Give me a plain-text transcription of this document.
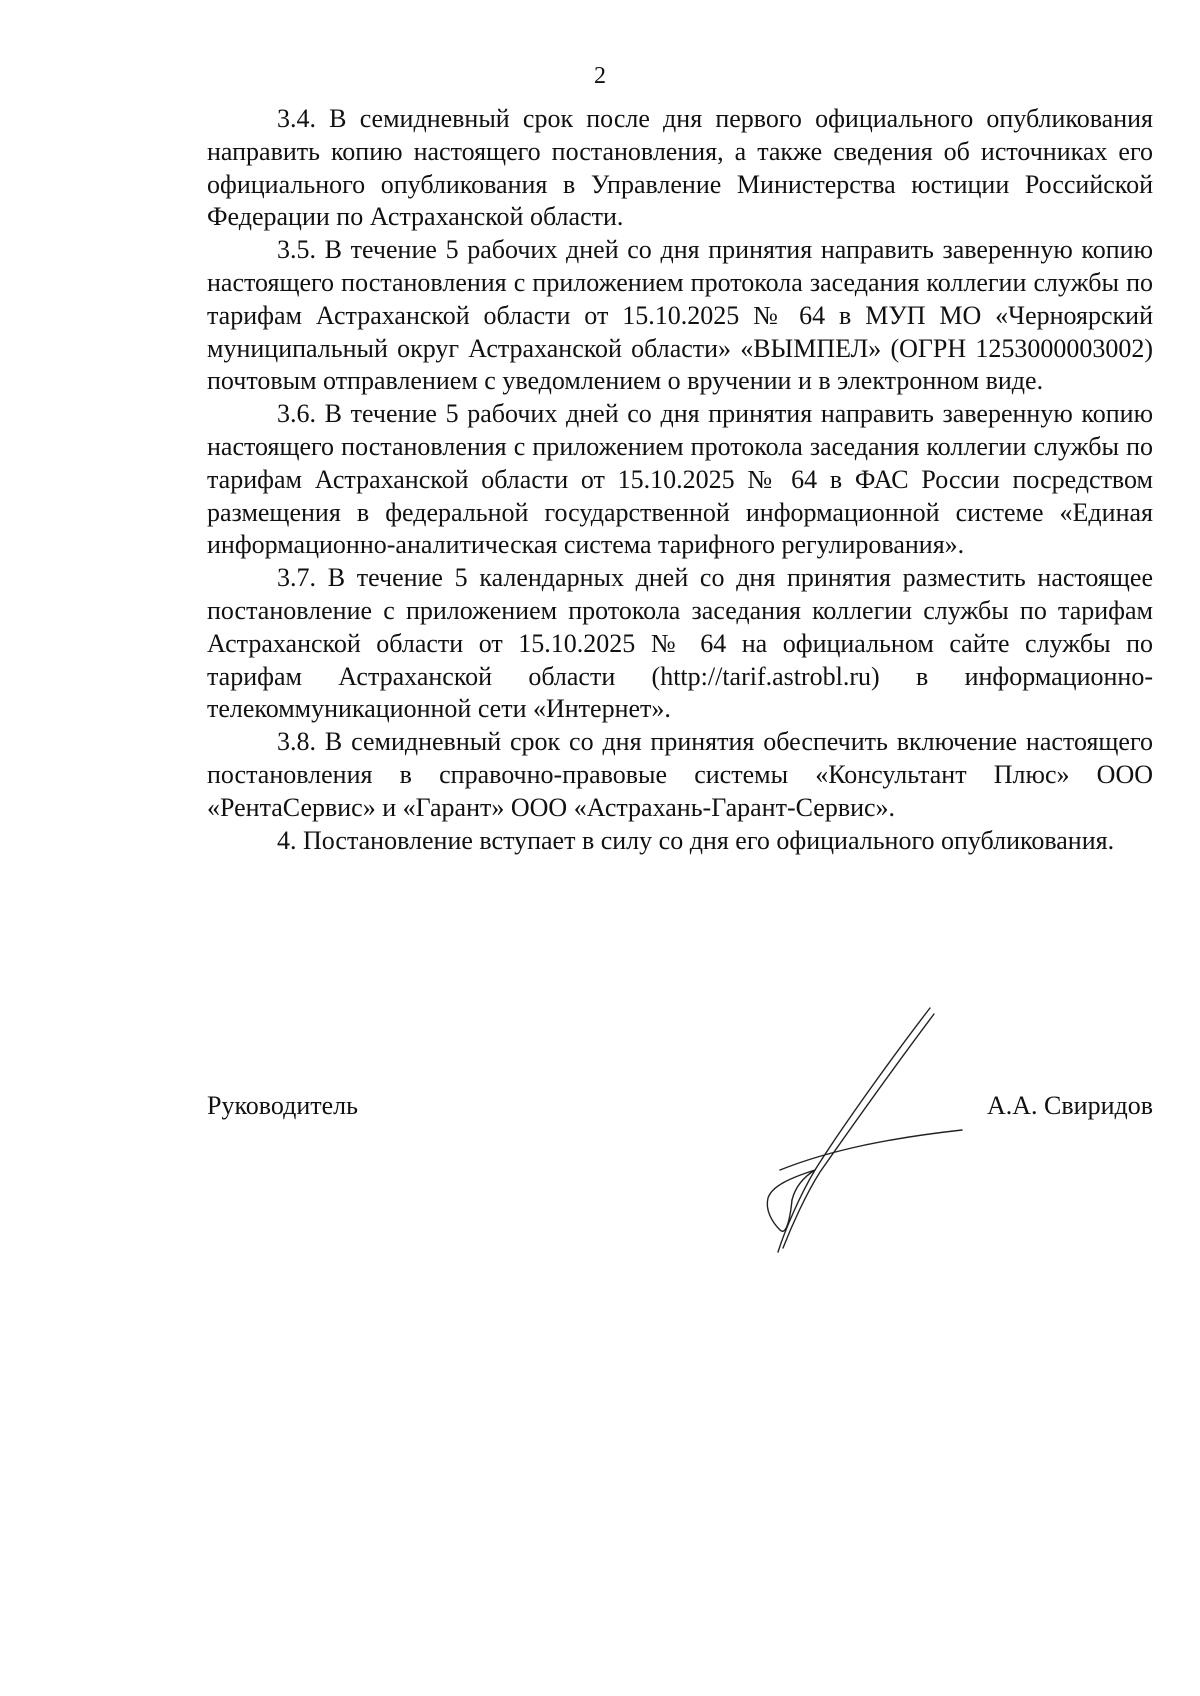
2

3.4. В семидневный срок после дня первого официального опубликования направить копию настоящего постановления, а также сведения об источниках его официального опубликования в Управление Министерства юстиции Российской Федерации по Астраханской области.

3.5. В течение 5 рабочих дней со дня принятия направить заверенную копию настоящего постановления с приложением протокола заседания коллегии службы по тарифам Астраханской области от 15.10.2025 № 64 в МУП МО «Черноярский муниципальный округ Астраханской области» «ВЫМПЕЛ» (ОГРН 1253000003002) почтовым отправлением с уведомлением о вручении и в электронном виде.

3.6. В течение 5 рабочих дней со дня принятия направить заверенную копию настоящего постановления с приложением протокола заседания коллегии службы по тарифам Астраханской области от 15.10.2025 № 64 в ФАС России посредством размещения в федеральной государственной информационной системе «Единая информационно-аналитическая система тарифного регулирования».

3.7. В течение 5 календарных дней со дня принятия разместить настоящее постановление с приложением протокола заседания коллегии службы по тарифам Астраханской области от 15.10.2025 № 64 на официальном сайте службы по тарифам Астраханской области (http://tarif.astrobl.ru) в информационно-телекоммуникационной сети «Интернет».

3.8. В семидневный срок со дня принятия обеспечить включение настоящего постановления в справочно-правовые системы «Консультант Плюс» ООО «РентаСервис» и «Гарант» ООО «Астрахань-Гарант-Сервис».

4. Постановление вступает в силу со дня его официального опубликования.

Руководитель	А.А. Свиридов
